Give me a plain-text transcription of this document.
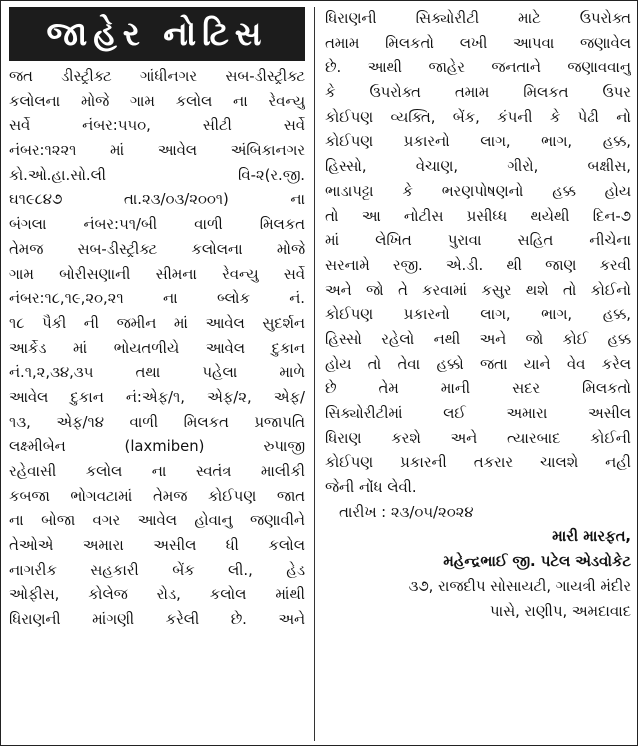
જાહેર નોટિસ
જત ડીસ્ટ્રીક્ટ ગાંધીનગર સબ-ડીસ્ટ્રીક્ટ
કલોલના મોજે ગામ કલોલ ના રેવન્યુ
સર્વે	નંબર:૫૫૦,	સીટી	સર્વે
નંબર:૧૨૨૧ માં આવેલ અંબિકાનગર
કો.ઓ.હા.સો.લી	વિ-૨(ર.જી.
ઘ૧૯૮૪૭	તા.૨૩/૦૩/૨૦૦૧)	ના
બંગલા	નંબર:૫૧/બી	વાળી	મિલકત
તેમજ સબ-ડીસ્ટ્રીક્ટ કલોલના મોજે
ગામ બોરીસણાની સીમના રેવન્યુ સર્વે
નંબર:૧૮,૧૯,૨૦,૨૧	ના	બ્લોક	નં.
૧૮ પૈકી ની જમીન માં આવેલ સુદર્શન
આર્કેડ માં ભોયતળીયે આવેલ દુકાન
નં.૧,૨,૩૪,૩૫	તથા	પહેલા	માળે
આવેલ દુકાન નં:એફ/૧, એફ/૨, એફ/
૧૩, એફ/૧૪ વાળી મિલકત પ્રજાપતિ
લક્ષ્મીબેન	(laxmiben)	રુપાજી
રહેવાસી કલોલ ના સ્વતંત્ર માલીકી
કબજા ભોગવટામાં તેમજ કોઈપણ જાત
ના બોજા વગર આવેલ હોવાનુ જણાવીને
તેઓએ અમારા અસીલ ધી કલોલ
નાગરીક સહકારી બેંક લી., હેડ
ઓફીસ, કોલેજ રોડ, કલોલ માંથી
ધિરાણની માંગણી કરેલી છે. અને
ધિરાણની	સિક્યોરીટી	માટે	ઉપરોક્ત
તમામ મિલકતો લખી આપવા જણાવેલ
છે. આથી જાહેર જનતાને જણાવવાનુ
કે ઉપરોક્ત તમામ મિલકત ઉપર
કોઈપણ વ્યક્તિ, બેંક, કંપની કે પેઢી નો
કોઈપણ પ્રકારનો લાગ, ભાગ, હક્ક,
હિસ્સો,	વેચાણ,	ગીરો,	બક્ષીસ,
ભાડાપટ્ટા કે ભરણપોષણનો હક્ક હોય
તો આ નોટીસ પ્રસીધ્ધ થયેથી દિન-૭
માં લેખિત પુરાવા સહિત નીચેના
સરનામે રજી. એ.ડી. થી જાણ કરવી
અને જો તે કરવામાં કસુર થશે તો કોઈનો
કોઈપણ પ્રકારનો લાગ, ભાગ, હક્ક,
હિસ્સો રહેલો નથી અને જો કોઈ હક્ક
હોય તો તેવા હક્કો જતા યાને વેવ કરેલ
છે	તેમ	માની	સદર	મિલકતો
સિક્યોરીટીમાં	લઈ	અમારા	અસીલ
ધિરાણ કરશે અને ત્યારબાદ કોઈની
કોઈપણ પ્રકારની તકરાર ચાલશે નહી
જેની નોંધ લેવી.
તારીખ : ૨૩/૦૫/૨૦૨૪
મારી મારફત,
મહેન્દ્રભાઈ જી. પટેલ એડવોકેટ
૩૭, રાજદીપ સોસાયટી, ગાયત્રી મંદીર
પાસે, રાણીપ, અમદાવાદ
